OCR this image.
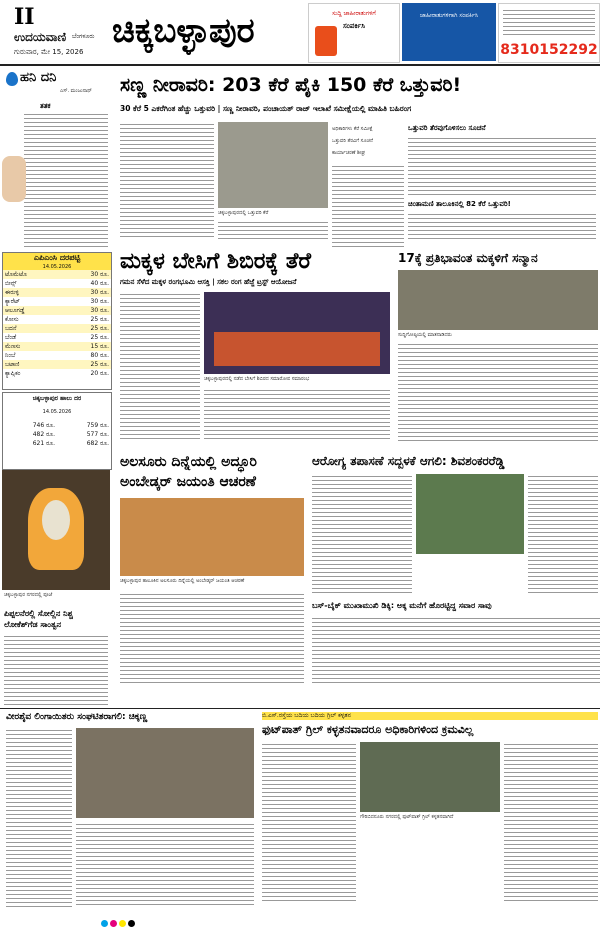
II
ಉದಯವಾಣಿ ಬೆಂಗಳೂರು
ಗುರುವಾರ, ಮೇ 15, 2026
ಚಿಕ್ಕಬಳ್ಳಾಪುರ	ಸುದ್ದಿ ಜಾಹೀರಾತುಗಳಿಗೆ
ಸಂಪರ್ಕಿಸಿ
ಜಾಹೀರಾತುಗಳಿಗಾಗಿ ಸಂಪರ್ಕಿಸಿ
8310152292
ಹನಿ ದನಿ
ಎಸ್. ಮಂಜುನಾಥ್
ತತಕ
ಎಪಿಎಂಸಿ ದರಪಟ್ಟಿ
14.05.2026
ಟೊಮೆಟೊ	30 ರೂ.
ಬೀನ್ಸ್	40 ರೂ.
ಈರುಳ್ಳಿ	30 ರೂ.
ಕ್ಯಾರೆಟ್	30 ರೂ.
ಆಲೂಗಡ್ಡೆ	30 ರೂ.
ಕೋಸು	25 ರೂ.
ಬದನೆ	25 ರೂ.
ಬೆಂಡೆ	25 ರೂ.
ಮೆಣಸು	15 ರೂ.
ನಿಂಬೆ	80 ರೂ.
ಬಟಾಣಿ	25 ರೂ.
ಕ್ಯಾಪ್ಸಿಕಂ	20 ರೂ.
ಚಿಕ್ಕಬಳ್ಳಾಪುರ ಹಾಲು ದರ
14.05.2026
746 ರೂ.	759 ರೂ.
482 ರೂ.	577 ರೂ.
621 ರೂ.	682 ರೂ.
ಚಿಕ್ಕಬಳ್ಳಾಪುರ ನಗರದಲ್ಲಿ ಪೂಜೆ
ಪಿಪ್ಪಲನೆರಲ್ಲಿ ಸೋಲ್ಲಿನ ನಿಶ್ಚ ಲೋಕೆಶ್‌ಗೆಡ ಸಾಂತ್ವನ
ಸಣ್ಣ ನೀರಾವರಿ: 203 ಕೆರೆ ಪೈಕಿ 150 ಕೆರೆ ಒತ್ತುವರಿ!
30 ಕೆರೆ 5 ಎಕರೆಗಿಂತ ಹೆಚ್ಚು ಒತ್ತುವರಿ | ಸಣ್ಣ ನೀರಾವರಿ, ಪಂಚಾಯತ್ ರಾಜ್ ಇಲಾಖೆ ಸಮೀಕ್ಷೆಯಲ್ಲಿ ಮಾಹಿತಿ ಬಹಿರಂಗ
ಚಿಕ್ಕಬಳ್ಳಾಪುರದಲ್ಲಿ ಒತ್ತುವರಿ ಕೆರೆ
ಅಧಿಕಾರಿಗಳು ಕೆರೆ ಸಮೀಕ್ಷೆ
ಒತ್ತುವರಿ ತೆರವಿಗೆ ಸೂಚನೆ
ಕಾರ್ಯಾಚರಣೆ ಶೀಘ್ರ
ಒತ್ತುವರಿ ತೆರವುಗೊಳಿಸಲು ಸೂಚನೆ
ಚಿಂತಾಮಣಿ ತಾಲೂಕಿನಲ್ಲಿ 82 ಕೆರೆ ಒತ್ತುವರಿ!
ಮಕ್ಕಳ ಬೇಸಿಗೆ ಶಿಬಿರಕ್ಕೆ ತೆರೆ
ಗಮನ ಸೆಳೆದ ಮಕ್ಕಳ ರಂಗಭೂಮಿ ಆಸಕ್ತಿ | ಸಕಲ ರಂಗ ಹೆಜ್ಜೆ ಟ್ರಸ್ಟ್ ಆಯೋಜನೆ
ಚಿಕ್ಕಬಳ್ಳಾಪುರದಲ್ಲಿ ನಡೆದ ಬೇಸಿಗೆ ಶಿಬಿರದ ಸಮಾರೋಪ ಸಮಾರಂಭ
17ಕ್ಕೆ ಪ್ರತಿಭಾವಂತ ಮಕ್ಕಳಿಗೆ ಸನ್ಮಾನ
ಸುದ್ದಿಗೋಷ್ಠಿಯಲ್ಲಿ ಮಾತನಾಡಿದರು
ಅಲಸೂರು ದಿನ್ನೆಯಲ್ಲಿ ಅದ್ಧೂರಿ ಅಂಬೇಡ್ಕರ್ ಜಯಂತಿ ಆಚರಣೆ
ಚಿಕ್ಕಬಳ್ಳಾಪುರ ತಾಲೂಕಿನ ಅಲಸೂರು ದಿನ್ನೆಯಲ್ಲಿ ಅಂಬೇಡ್ಕರ್ ಜಯಂತಿ ಆಚರಣೆ
ಆರೋಗ್ಯ ತಪಾಸಣೆ ಸದ್ಬಳಕೆ ಆಗಲಿ: ಶಿವಶಂಕರರೆಡ್ಡಿ
ಬಸ್-ಬೈಕ್ ಮುಖಾಮುಖಿ ಡಿಕ್ಕಿ: ಅಕ್ಕ ಮನೆಗೆ ಹೊರಟ್ಟಿದ್ದ ಸವಾರ ಸಾವು
ವೀರಶೈವ ಲಿಂಗಾಯಿತರು ಸಂಘಟಿತರಾಗಲಿ: ಚಿಕ್ಕಣ್ಣ	ಬಿ.ಎಸ್.ರಸ್ತೆಯ ಬದಿಯ ಬದಿಯ ಗ್ರಿಲ್ ಕಳ್ಳತನ
ಫುಟ್‌ಪಾತ್ ಗ್ರಿಲ್ ಕಳ್ಳತನವಾದರೂ ಅಧಿಕಾರಿಗಳಿಂದ ಕ್ರಮವಿಲ್ಲ
ಗೌರಿಬಿದನೂರು ನಗರದಲ್ಲಿ ಫುಟ್‌ಪಾತ್ ಗ್ರಿಲ್ ಕಳ್ಳತನವಾಗಿದೆ
